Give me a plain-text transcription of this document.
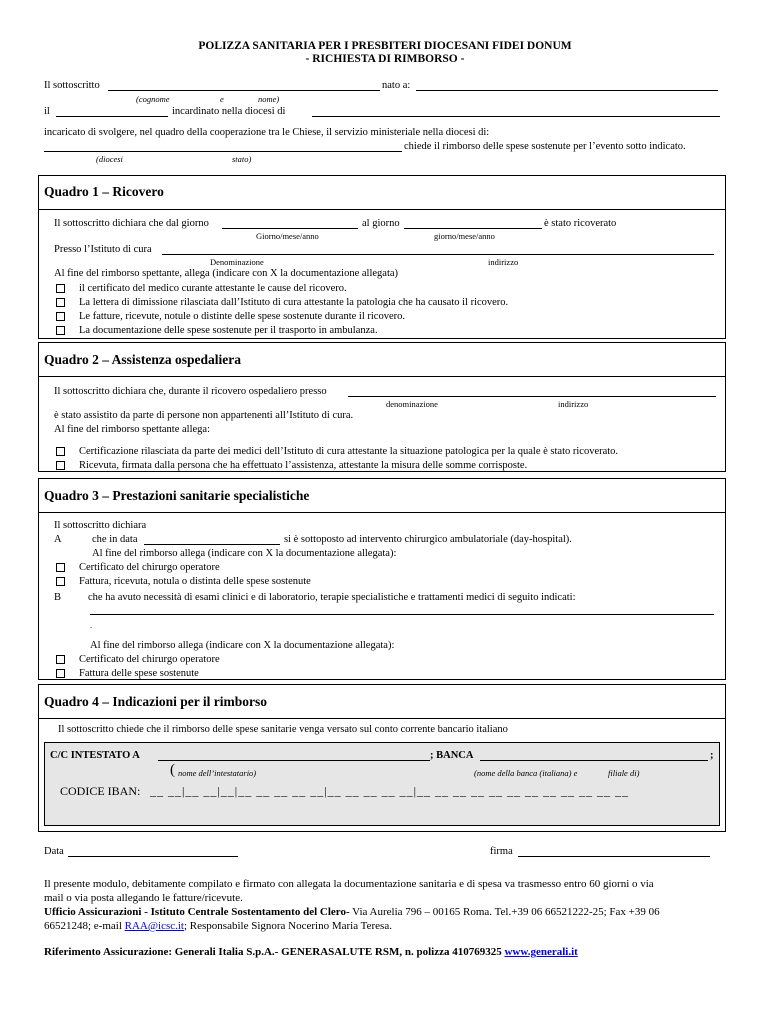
POLIZZA SANITARIA PER I PRESBITERI DIOCESANI FIDEI DONUM
- RICHIESTA DI RIMBORSO -
Il sottoscritto	nato a:
(cognome	e	nome)
il	incardinato nella diocesi di
incaricato di svolgere, nel quadro della cooperazione tra le Chiese, il servizio ministeriale nella diocesi di:
chiede il rimborso delle spese sostenute per l’evento sotto indicato.
(diocesi	stato)
Quadro 1 – Ricovero
Il sottoscritto dichiara che dal giorno	al giorno	è stato ricoverato
Giorno/mese/anno	giorno/mese/anno
Presso l’Istituto di cura
Denominazione	indirizzo
Al fine del rimborso spettante, allega (indicare con X la documentazione allegata)
il certificato del medico curante attestante le cause del ricovero.
La lettera di dimissione rilasciata dall’Istituto di cura attestante la patologia che ha causato il ricovero.
Le fatture, ricevute, notule o distinte delle spese sostenute durante il ricovero.
La documentazione delle spese sostenute per il trasporto in ambulanza.
Quadro 2 – Assistenza ospedaliera
Il sottoscritto dichiara che, durante il ricovero ospedaliero presso
denominazione	indirizzo
è stato assistito da parte di persone non appartenenti all’Istituto di cura.
Al fine del rimborso spettante allega:
Certificazione rilasciata da parte dei medici dell’Istituto di cura attestante la situazione patologica per la quale è stato ricoverato.
Ricevuta, firmata dalla persona che ha effettuato l’assistenza, attestante la misura delle somme corrisposte.
Quadro 3 – Prestazioni sanitarie specialistiche
Il sottoscritto dichiara
A	che in data	si è sottoposto ad intervento chirurgico ambulatoriale (day-hospital).
Al fine del rimborso allega (indicare con X la documentazione allegata):
Certificato del chirurgo operatore
Fattura, ricevuta, notula o distinta delle spese sostenute
B	che ha avuto necessità di esami clinici e di laboratorio, terapie specialistiche e trattamenti medici di seguito indicati:
.
Al fine del rimborso allega (indicare con X la documentazione allegata):
Certificato del chirurgo operatore
Fattura delle spese sostenute
Quadro 4 – Indicazioni per il rimborso
Il sottoscritto chiede che il rimborso delle spese sanitarie venga versato sul conto corrente bancario italiano
C/C INTESTATO A	; BANCA	;
( nome dell’intestatario)	(nome della banca (italiana) e	filiale di)
CODICE IBAN: __ __|__ __|__|__ __ __ __ __|__ __ __ __ __|__ __ __ __ __ __ __ __ __ __ __ __
Data	firma
Il presente modulo, debitamente compilato e firmato con allegata la documentazione sanitaria e di spesa va trasmesso entro 60 giorni o via
mail o via posta allegando le fatture/ricevute.
Ufficio Assicurazioni - Istituto Centrale Sostentamento del Clero- Via Aurelia 796 – 00165 Roma. Tel.+39 06 66521222-25; Fax +39 06
66521248; e-mail RAA@icsc.it; Responsabile Signora Nocerino Maria Teresa.
Riferimento Assicurazione: Generali Italia S.p.A.- GENERASALUTE RSM, n. polizza 410769325 www.generali.it
